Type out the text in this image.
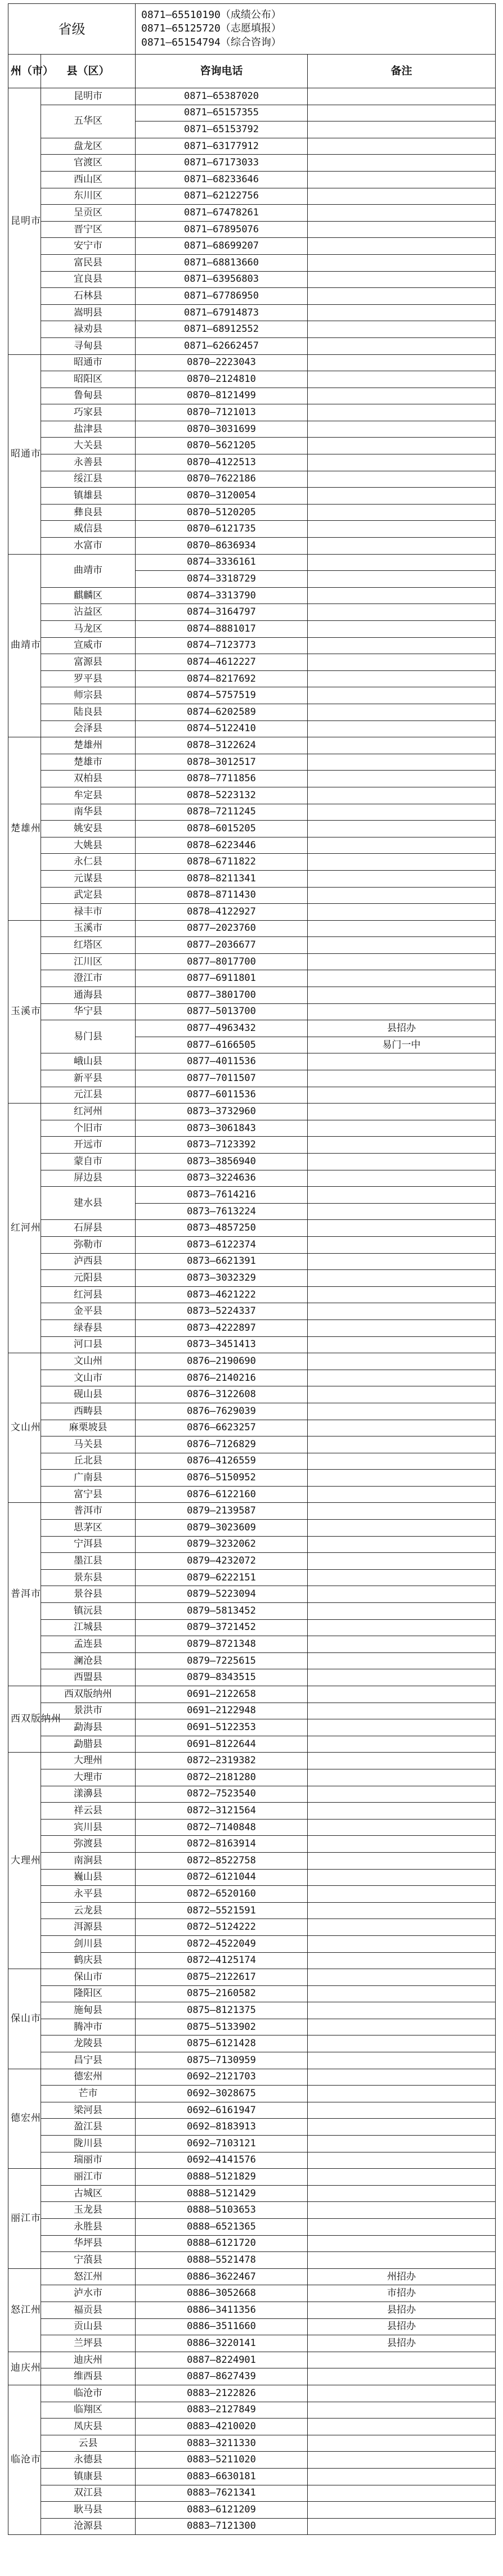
省级		0871—65510190（成绩公布）
0871—65125720（志愿填报）
0871—65154794（综合咨询）	

州（市）	县（区）	咨询电话	备注
昆明市	昆明市	0871—65387020	
	五华区	0871—65157355	
		0871—65153792	
	盘龙区	0871—63177912	
	官渡区	0871—67173033	
	西山区	0871—68233646	
	东川区	0871—62122756	
	呈贡区	0871—67478261	
	晋宁区	0871—67895076	
	安宁市	0871—68699207	
	富民县	0871—68813660	
	宜良县	0871—63956803	
	石林县	0871—67786950	
	嵩明县	0871—67914873	
	禄劝县	0871—68912552	
	寻甸县	0871—62662457	
昭通市	昭通市	0870—2223043	
	昭阳区	0870—2124810	
	鲁甸县	0870—8121499	
	巧家县	0870—7121013	
	盐津县	0870—3031699	
	大关县	0870—5621205	
	永善县	0870—4122513	
	绥江县	0870—7622186	
	镇雄县	0870—3120054	
	彝良县	0870—5120205	
	威信县	0870—6121735	
	水富市	0870—8636934	
曲靖市	曲靖市	0874—3336161	
		0874—3318729	
	麒麟区	0874—3313790	
	沾益区	0874—3164797	
	马龙区	0874—8881017	
	宣威市	0874—7123773	
	富源县	0874—4612227	
	罗平县	0874—8217692	
	师宗县	0874—5757519	
	陆良县	0874—6202589	
	会泽县	0874—5122410	
楚雄州	楚雄州	0878—3122624	
	楚雄市	0878—3012517	
	双柏县	0878—7711856	
	牟定县	0878—5223132	
	南华县	0878—7211245	
	姚安县	0878—6015205	
	大姚县	0878—6223446	
	永仁县	0878—6711822	
	元谋县	0878—8211341	
	武定县	0878—8711430	
	禄丰市	0878—4122927	
玉溪市	玉溪市	0877—2023760	
	红塔区	0877—2036677	
	江川区	0877—8017700	
	澄江市	0877—6911801	
	通海县	0877—3801700	
	华宁县	0877—5013700	
	易门县	0877—4963432	县招办
		0877—6166505	易门一中
	峨山县	0877—4011536	
	新平县	0877—7011507	
	元江县	0877—6011536	
红河州	红河州	0873—3732960	
	个旧市	0873—3061843	
	开远市	0873—7123392	
	蒙自市	0873—3856940	
	屏边县	0873—3224636	
	建水县	0873—7614216	
		0873—7613224	
	石屏县	0873—4857250	
	弥勒市	0873—6122374	
	泸西县	0873—6621391	
	元阳县	0873—3032329	
	红河县	0873—4621222	
	金平县	0873—5224337	
	绿春县	0873—4222897	
	河口县	0873—3451413	
文山州	文山州	0876—2190690	
	文山市	0876—2140216	
	砚山县	0876—3122608	
	西畴县	0876—7629039	
	麻栗坡县	0876—6623257	
	马关县	0876—7126829	
	丘北县	0876—4126559	
	广南县	0876—5150952	
	富宁县	0876—6122160	
普洱市	普洱市	0879—2139587	
	思茅区	0879—3023609	
	宁洱县	0879—3232062	
	墨江县	0879—4232072	
	景东县	0879—6222151	
	景谷县	0879—5223094	
	镇沅县	0879—5813452	
	江城县	0879—3721452	
	孟连县	0879—8721348	
	澜沧县	0879—7225615	
	西盟县	0879—8343515	
西双版纳州	西双版纳州	0691—2122658	
	景洪市	0691—2122948	
	勐海县	0691—5122353	
	勐腊县	0691—8122644	
大理州	大理州	0872—2319382	
	大理市	0872—2181280	
	漾濞县	0872—7523540	
	祥云县	0872—3121564	
	宾川县	0872—7140848	
	弥渡县	0872—8163914	
	南涧县	0872—8522758	
	巍山县	0872—6121044	
	永平县	0872—6520160	
	云龙县	0872—5521591	
	洱源县	0872—5124222	
	剑川县	0872—4522049	
	鹤庆县	0872—4125174	
保山市	保山市	0875—2122617	
	隆阳区	0875—2160582	
	施甸县	0875—8121375	
	腾冲市	0875—5133902	
	龙陵县	0875—6121428	
	昌宁县	0875—7130959	
德宏州	德宏州	0692—2121703	
	芒市	0692—3028675	
	梁河县	0692—6161947	
	盈江县	0692—8183913	
	陇川县	0692—7103121	
	瑞丽市	0692—4141576	
丽江市	丽江市	0888—5121829	
	古城区	0888—5121429	
	玉龙县	0888—5103653	
	永胜县	0888—6521365	
	华坪县	0888—6121720	
	宁蒗县	0888—5521478	
怒江州	怒江州	0886—3622467	州招办
	泸水市	0886—3052668	市招办
	福贡县	0886—3411356	县招办
	贡山县	0886—3511660	县招办
	兰坪县	0886—3220141	县招办
迪庆州	迪庆州	0887—8224901	
	维西县	0887—8627439	
临沧市	临沧市	0883—2122826	
	临翔区	0883—2127849	
	凤庆县	0883—4210020	
	云县	0883—3211330	
	永德县	0883—5211020	
	镇康县	0883—6630181	
	双江县	0883—7621341	
	耿马县	0883—6121209	
	沧源县	0883—7121300	
